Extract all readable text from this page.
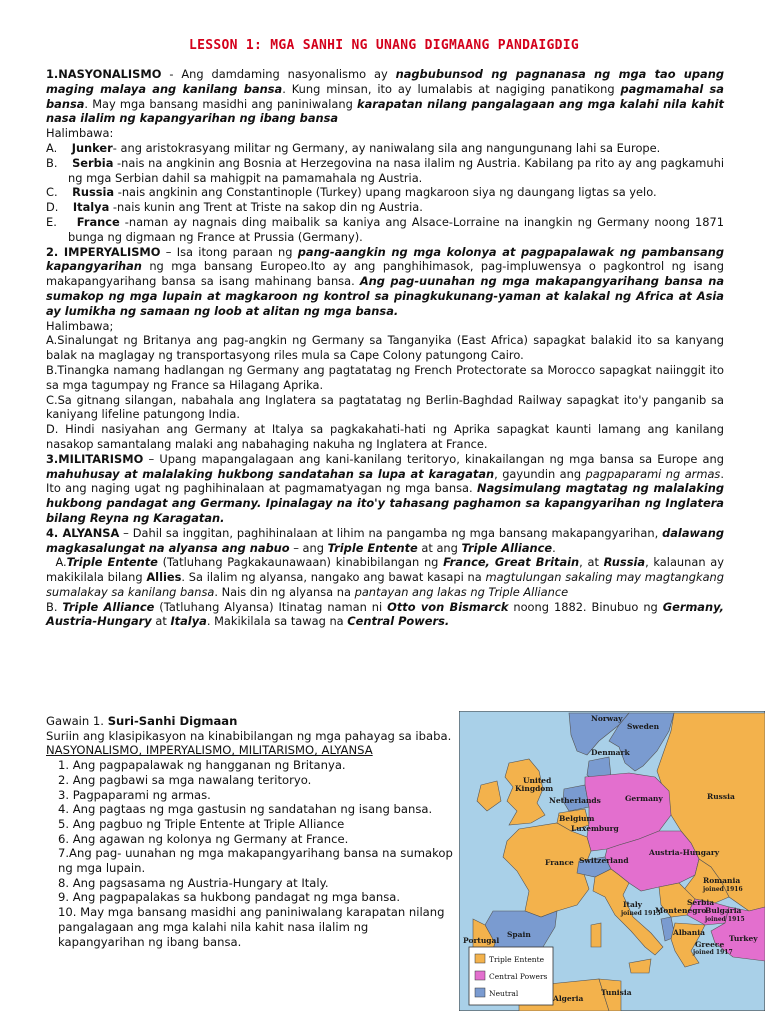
LESSON 1: MGA SANHI NG UNANG DIGMAANG PANDAIGDIG

1.NASYONALISMO - Ang damdaming nasyonalismo ay nagbubunsod ng pagnanasa ng mga tao upang maging malaya ang kanilang bansa. Kung minsan, ito ay lumalabis at nagiging panatikong pagmamahal sa bansa. May mga bansang masidhi ang paniniwalang karapatan nilang pangalagaan ang mga kalahi nila kahit nasa ilalim ng kapangyarihan ng ibang bansa

Halimbawa:

A. Junker- ang aristokrasyang militar ng Germany, ay naniwalang sila ang nangungunang lahi sa Europe.

B. Serbia -nais na angkinin ang Bosnia at Herzegovina na nasa ilalim ng Austria. Kabilang pa rito ay ang pagkamuhi ng mga Serbian dahil sa mahigpit na pamamahala ng Austria.

C. Russia -nais angkinin ang Constantinople (Turkey) upang magkaroon siya ng daungang ligtas sa yelo.

D. Italya -nais kunin ang Trent at Triste na sakop din ng Austria.

E. France -naman ay nagnais ding maibalik sa kaniya ang Alsace-Lorraine na inangkin ng Germany noong 1871 bunga ng digmaan ng France at Prussia (Germany).

2. IMPERYALISMO – Isa itong paraan ng pang-aangkin ng mga kolonya at pagpapalawak ng pambansang kapangyarihan ng mga bansang Europeo.Ito ay ang panghihimasok, pag-impluwensya o pagkontrol ng isang makapangyarihang bansa sa isang mahinang bansa. Ang pag-uunahan ng mga makapangyarihang bansa na sumakop ng mga lupain at magkaroon ng kontrol sa pinagkukunang-yaman at kalakal ng Africa at Asia ay lumikha ng samaan ng loob at alitan ng mga bansa.

Halimbawa;

A.Sinalungat ng Britanya ang pag-angkin ng Germany sa Tanganyika (East Africa) sapagkat balakid ito sa kanyang balak na maglagay ng transportasyong riles mula sa Cape Colony patungong Cairo.

B.Tinangka namang hadlangan ng Germany ang pagtatatag ng French Protectorate sa Morocco sapagkat naiinggit ito sa mga tagumpay ng France sa Hilagang Aprika.

C.Sa gitnang silangan, nabahala ang Inglatera sa pagtatatag ng Berlin-Baghdad Railway sapagkat ito'y panganib sa kaniyang lifeline patungong India.

D. Hindi nasiyahan ang Germany at Italya sa pagkakahati-hati ng Aprika sapagkat kaunti lamang ang kanilang nasakop samantalang malaki ang nabahaging nakuha ng Inglatera at France.

3.MILITARISMO – Upang mapangalagaan ang kani-kanilang teritoryo, kinakailangan ng mga bansa sa Europe ang mahuhusay at malalaking hukbong sandatahan sa lupa at karagatan, gayundin ang pagpaparami ng armas. Ito ang naging ugat ng paghihinalaan at pagmamatyagan ng mga bansa. Nagsimulang magtatag ng malalaking hukbong pandagat ang Germany. Ipinalagay na ito'y tahasang paghamon sa kapangyarihan ng Inglatera bilang Reyna ng Karagatan.

4. ALYANSA – Dahil sa inggitan, paghihinalaan at lihim na pangamba ng mga bansang makapangyarihan, dalawang magkasalungat na alyansa ang nabuo – ang Triple Entente at ang Triple Alliance.

A.Triple Entente (Tatluhang Pagkakaunawaan) kinabibilangan ng France, Great Britain, at Russia, kalaunan ay makikilala bilang Allies. Sa ilalim ng alyansa, nangako ang bawat kasapi na magtulungan sakaling may magtangkang sumalakay sa kanilang bansa. Nais din ng alyansa na pantayan ang lakas ng Triple Alliance

B. Triple Alliance (Tatluhang Alyansa) Itinatag naman ni Otto von Bismarck noong 1882. Binubuo ng Germany, Austria-Hungary at Italya. Makikilala sa tawag na Central Powers.

Gawain 1. Suri-Sanhi Digmaan

Suriin ang klasipikasyon na kinabibilangan ng mga pahayag sa ibaba. NASYONALISMO, IMPERYALISMO, MILITARISMO, ALYANSA

1. Ang pagpapalawak ng hangganan ng Britanya.

2. Ang pagbawi sa mga nawalang teritoryo.

3. Pagpaparami ng armas.

4. Ang pagtaas ng mga gastusin ng sandatahan ng isang bansa.

5. Ang pagbuo ng Triple Entente at Triple Alliance

6. Ang agawan ng kolonya ng Germany at France.

7.Ang pag- uunahan ng mga makapangyarihang bansa na sumakop ng mga lupain.

8. Ang pagsasama ng Austria-Hungary at Italy.

9. Ang pagpapalakas sa hukbong pandagat ng mga bansa.

10. May mga bansang masidhi ang paniniwalang karapatan nilang pangalagaan ang mga kalahi nila kahit nasa ilalim ng kapangyarihan ng ibang bansa.

Norway
Sweden
Denmark
United
Kingdom
Netherlands
Belgium
Luxemburg
Germany	Russia
France Switzerland
Austria-Hungary
Italy
joined 1915
Romania
joined 1916
Serbia
Montenegro
Bulgaria
joined 1915
Albania
Greece
joined 1917
Turkey
Spain
Portugal
Algeria
Tunisia
Triple Entente
Central Powers
Neutral
